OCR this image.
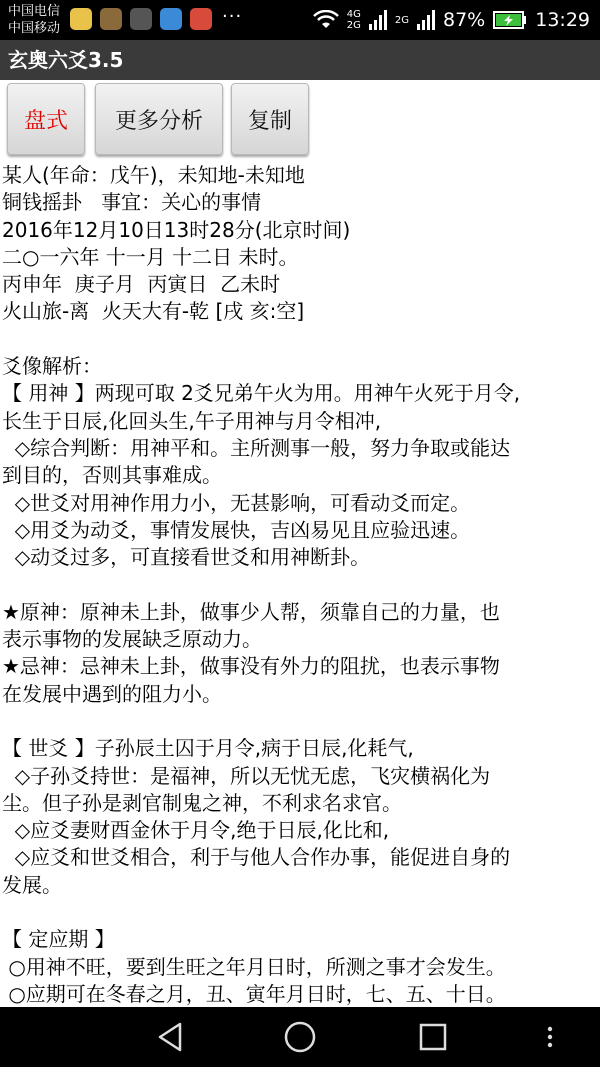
中国电信
中国移动
···	4G
2G	2G 87%	13:29
玄奥六爻3.5
盘式 更多分析 复制
某人(年命：戊午)，未知地-未知地
铜钱摇卦   事宜：关心的事情
2016年12月10日13时28分(北京时间)
二○一六年 十一月 十二日 未时。
丙申年  庚子月  丙寅日  乙未时
火山旅-离  火天大有-乾 [戌 亥:空]
爻像解析：
【 用神 】两现可取 2爻兄弟午火为用。用神午火死于月令,
长生于日辰,化回头生,午子用神与月令相冲,
◇综合判断：用神平和。主所测事一般，努力争取或能达
到目的，否则其事难成。
◇世爻对用神作用力小，无甚影响，可看动爻而定。
◇用爻为动爻，事情发展快，吉凶易见且应验迅速。
◇动爻过多，可直接看世爻和用神断卦。
★原神：原神未上卦，做事少人帮，须靠自己的力量，也
表示事物的发展缺乏原动力。
★忌神：忌神未上卦，做事没有外力的阻扰，也表示事物
在发展中遇到的阻力小。
【 世爻 】子孙辰土囚于月令,病于日辰,化耗气,
◇子孙爻持世：是福神，所以无忧无虑，飞灾横祸化为
尘。但子孙是剥官制鬼之神，不利求名求官。
◇应爻妻财酉金休于月令,绝于日辰,化比和,
◇应爻和世爻相合，利于与他人合作办事，能促进自身的
发展。
【 定应期 】
○用神不旺，要到生旺之年月日时，所测之事才会发生。
○应期可在冬春之月，丑、寅年月日时，七、五、十日。
